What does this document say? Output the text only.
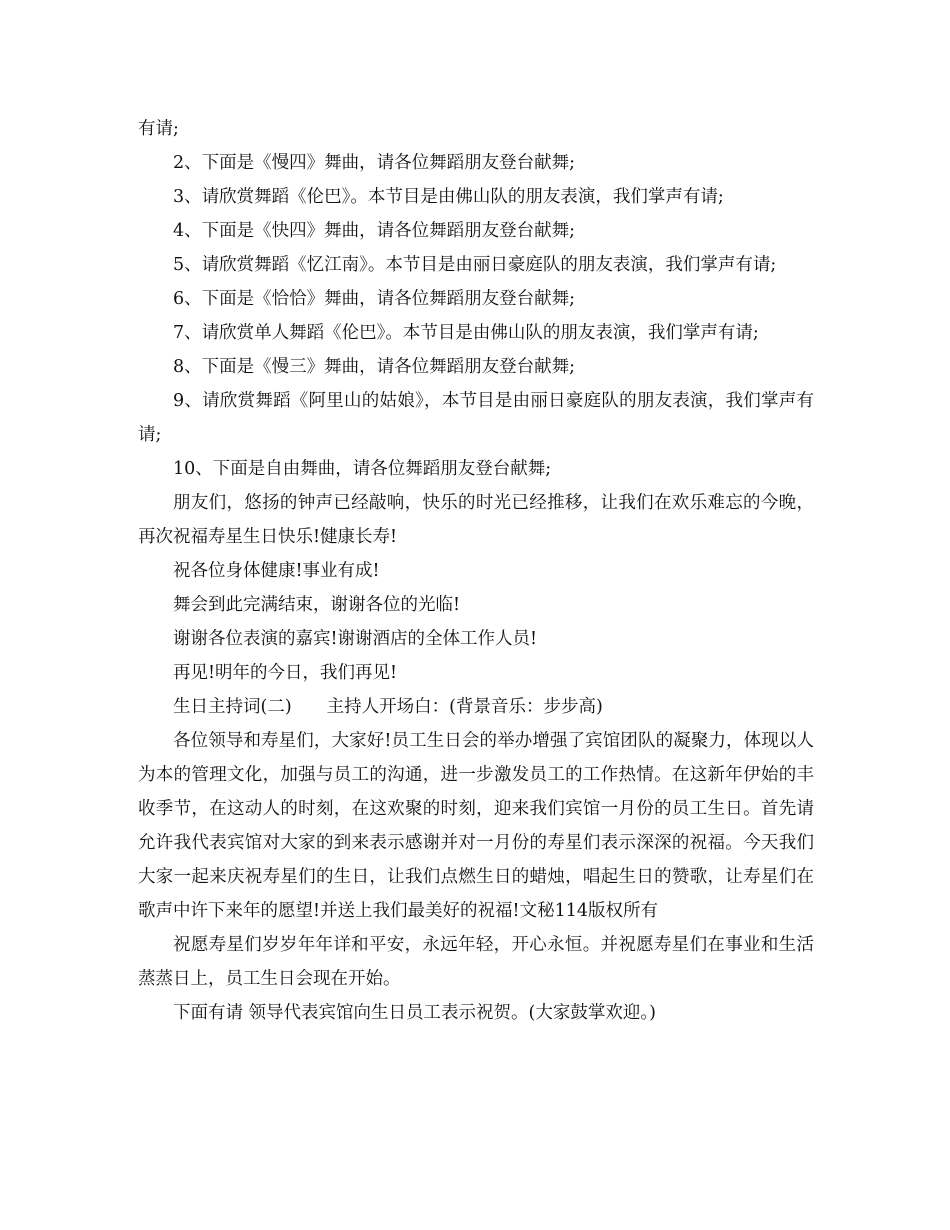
有请;

2、下面是《慢四》舞曲，请各位舞蹈朋友登台献舞;

3、请欣赏舞蹈《伦巴》。本节目是由佛山队的朋友表演，我们掌声有请;

4、下面是《快四》舞曲，请各位舞蹈朋友登台献舞;

5、请欣赏舞蹈《忆江南》。本节目是由丽日豪庭队的朋友表演，我们掌声有请;

6、下面是《恰恰》舞曲，请各位舞蹈朋友登台献舞;

7、请欣赏单人舞蹈《伦巴》。本节目是由佛山队的朋友表演，我们掌声有请;

8、下面是《慢三》舞曲，请各位舞蹈朋友登台献舞;

9、请欣赏舞蹈《阿里山的姑娘》，本节目是由丽日豪庭队的朋友表演，我们掌声有请;

10、下面是自由舞曲，请各位舞蹈朋友登台献舞;

朋友们，悠扬的钟声已经敲响，快乐的时光已经推移，让我们在欢乐难忘的今晚，再次祝福寿星生日快乐!健康长寿!

祝各位身体健康!事业有成!

舞会到此完满结束，谢谢各位的光临!

谢谢各位表演的嘉宾!谢谢酒店的全体工作人员!

再见!明年的今日，我们再见!

生日主持词(二)　　主持人开场白：(背景音乐：步步高)

各位领导和寿星们，大家好!员工生日会的举办增强了宾馆团队的凝聚力，体现以人为本的管理文化，加强与员工的沟通，进一步激发员工的工作热情。在这新年伊始的丰收季节，在这动人的时刻，在这欢聚的时刻，迎来我们宾馆一月份的员工生日。首先请允许我代表宾馆对大家的到来表示感谢并对一月份的寿星们表示深深的祝福。今天我们大家一起来庆祝寿星们的生日，让我们点燃生日的蜡烛，唱起生日的赞歌，让寿星们在歌声中许下来年的愿望!并送上我们最美好的祝福!文秘114版权所有

祝愿寿星们岁岁年年详和平安，永远年轻，开心永恒。并祝愿寿星们在事业和生活蒸蒸日上，员工生日会现在开始。

下面有请 领导代表宾馆向生日员工表示祝贺。(大家鼓掌欢迎。)
